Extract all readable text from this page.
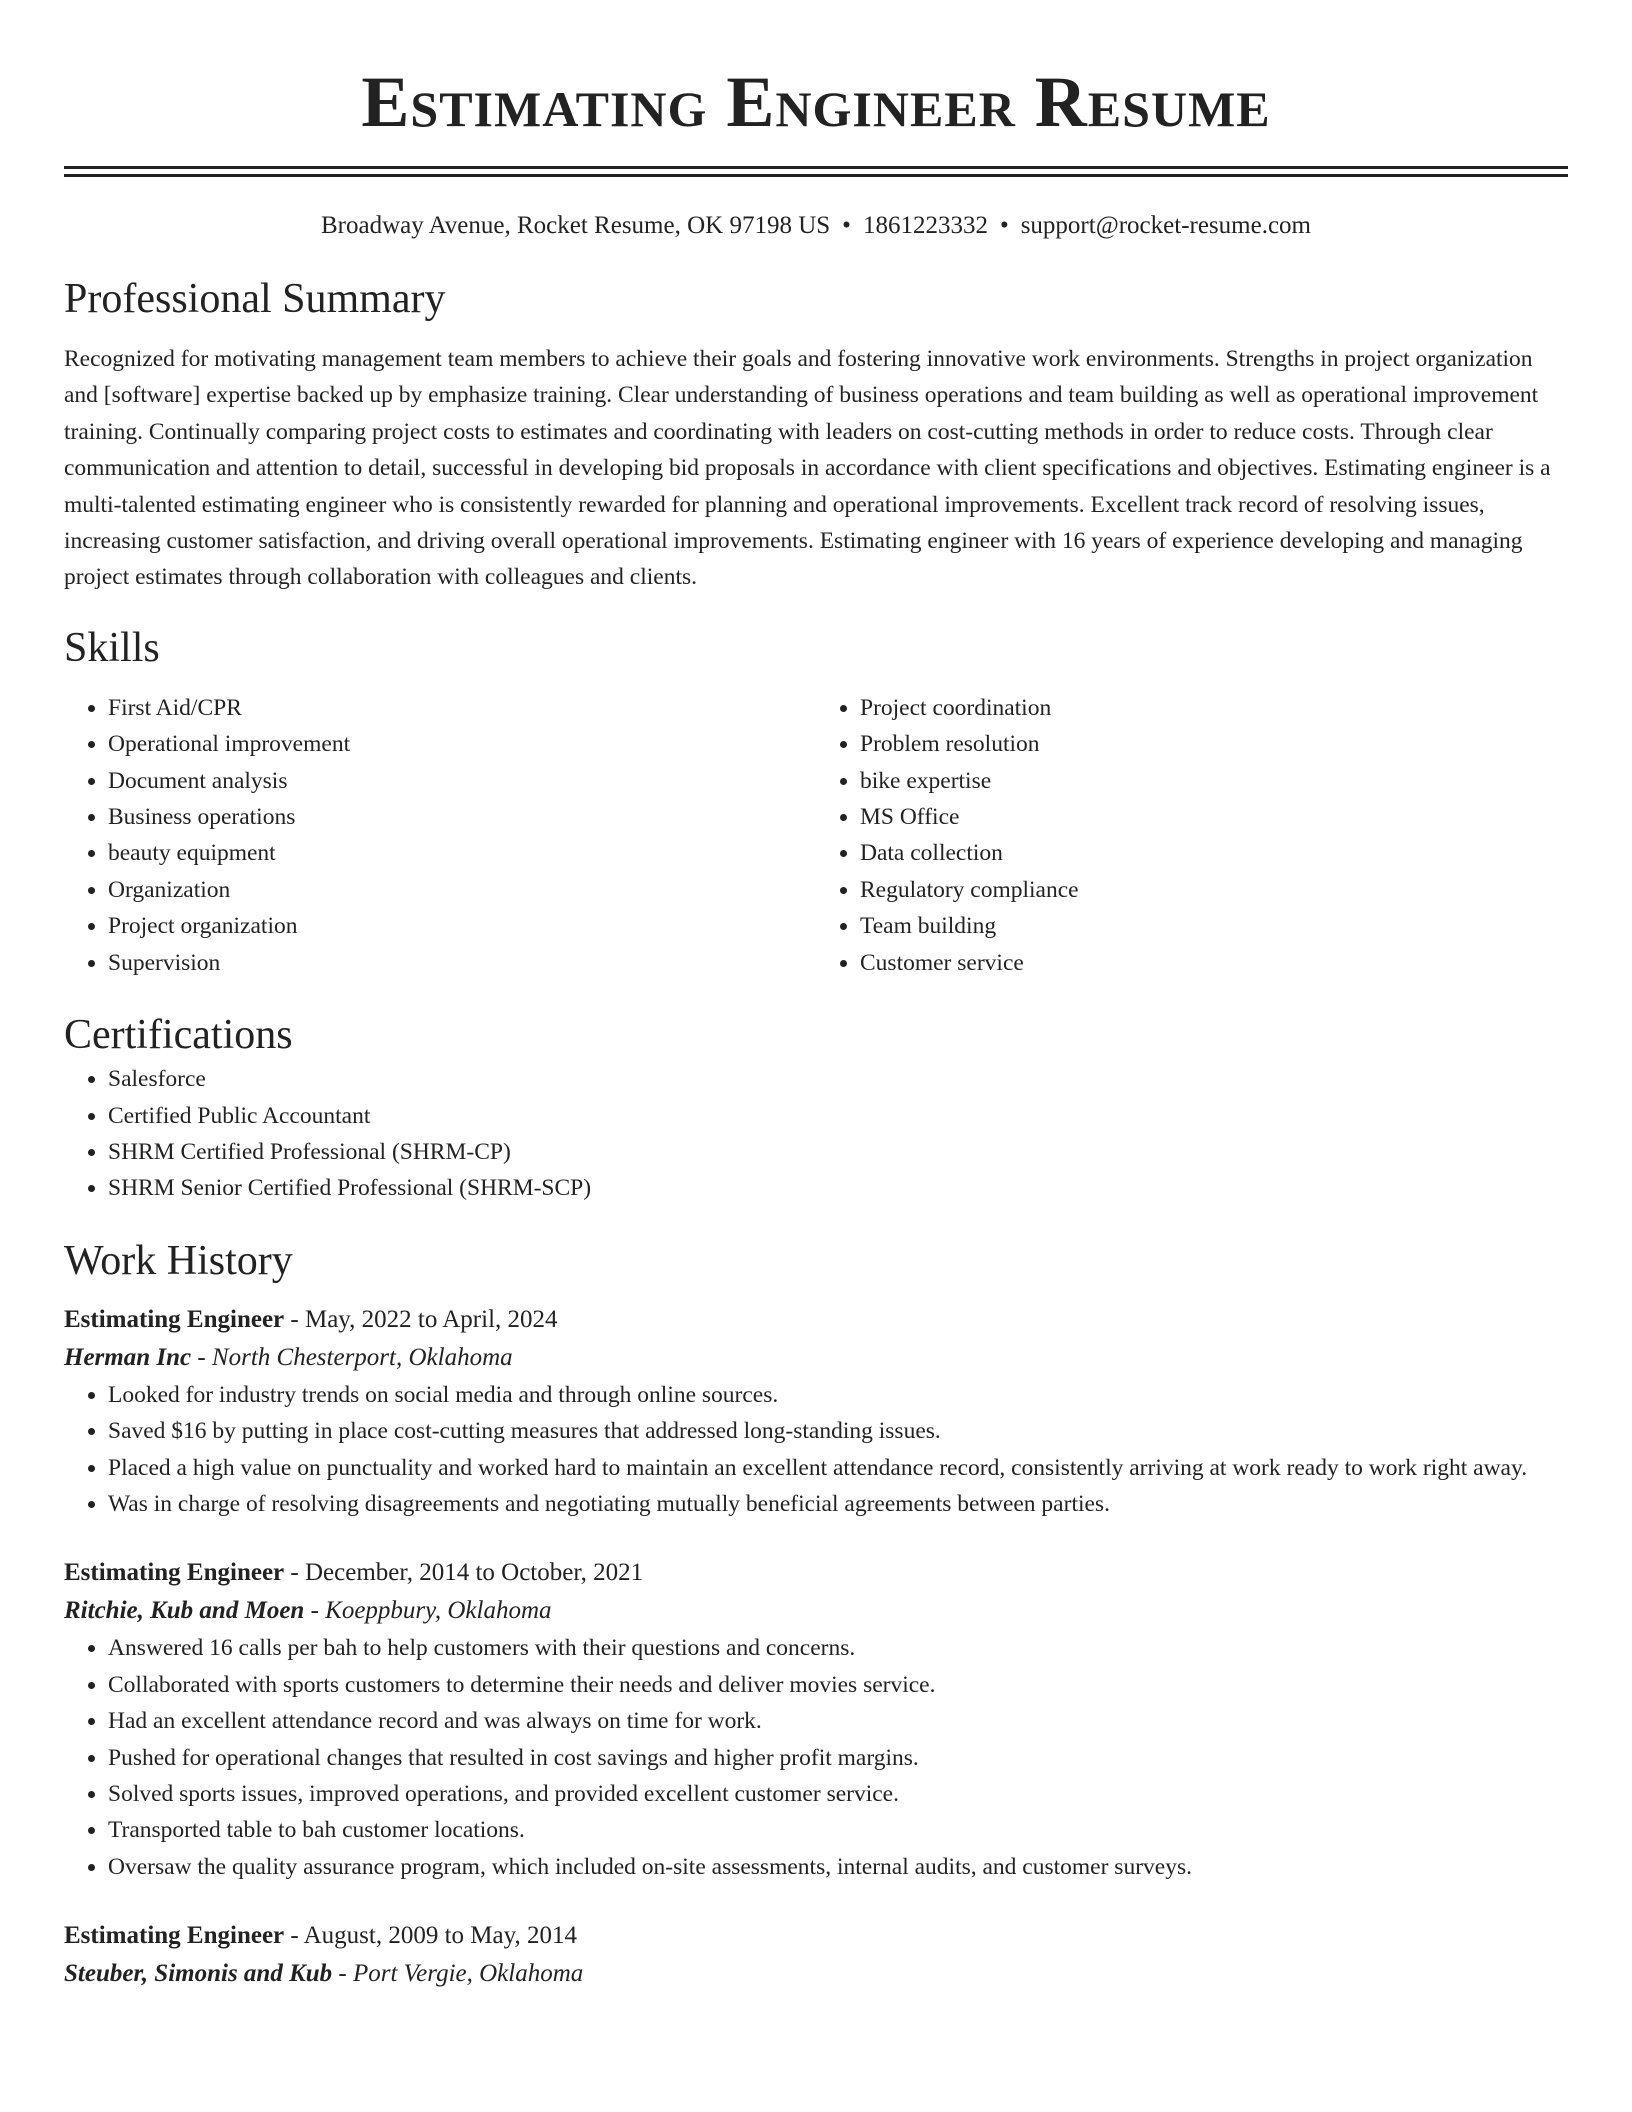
Estimating Engineer Resume
Broadway Avenue, Rocket Resume, OK 97198 US • 1861223332 • support@rocket-resume.com
Professional Summary

Recognized for motivating management team members to achieve their goals and fostering innovative work environments. Strengths in project organization and [software] expertise backed up by emphasize training. Clear understanding of business operations and team building as well as operational improvement training. Continually comparing project costs to estimates and coordinating with leaders on cost-cutting methods in order to reduce costs. Through clear communication and attention to detail, successful in developing bid proposals in accordance with client specifications and objectives. Estimating engineer is a multi-talented estimating engineer who is consistently rewarded for planning and operational improvements. Excellent track record of resolving issues, increasing customer satisfaction, and driving overall operational improvements. Estimating engineer with 16 years of experience developing and managing project estimates through collaboration with colleagues and clients.

Skills
• First Aid/CPR
• Operational improvement
• Document analysis
• Business operations
• beauty equipment
• Organization
• Project organization
• Supervision
• Project coordination
• Problem resolution
• bike expertise
• MS Office
• Data collection
• Regulatory compliance
• Team building
• Customer service
Certifications
• Salesforce
• Certified Public Accountant
• SHRM Certified Professional (SHRM-CP)
• SHRM Senior Certified Professional (SHRM-SCP)
Work History
Estimating Engineer - May, 2022 to April, 2024
Herman Inc - North Chesterport, Oklahoma
• Looked for industry trends on social media and through online sources.
• Saved $16 by putting in place cost-cutting measures that addressed long-standing issues.
• Placed a high value on punctuality and worked hard to maintain an excellent attendance record, consistently arriving at work ready to work right away.
• Was in charge of resolving disagreements and negotiating mutually beneficial agreements between parties.
Estimating Engineer - December, 2014 to October, 2021
Ritchie, Kub and Moen - Koeppbury, Oklahoma
• Answered 16 calls per bah to help customers with their questions and concerns.
• Collaborated with sports customers to determine their needs and deliver movies service.
• Had an excellent attendance record and was always on time for work.
• Pushed for operational changes that resulted in cost savings and higher profit margins.
• Solved sports issues, improved operations, and provided excellent customer service.
• Transported table to bah customer locations.
• Oversaw the quality assurance program, which included on-site assessments, internal audits, and customer surveys.
Estimating Engineer - August, 2009 to May, 2014
Steuber, Simonis and Kub - Port Vergie, Oklahoma
